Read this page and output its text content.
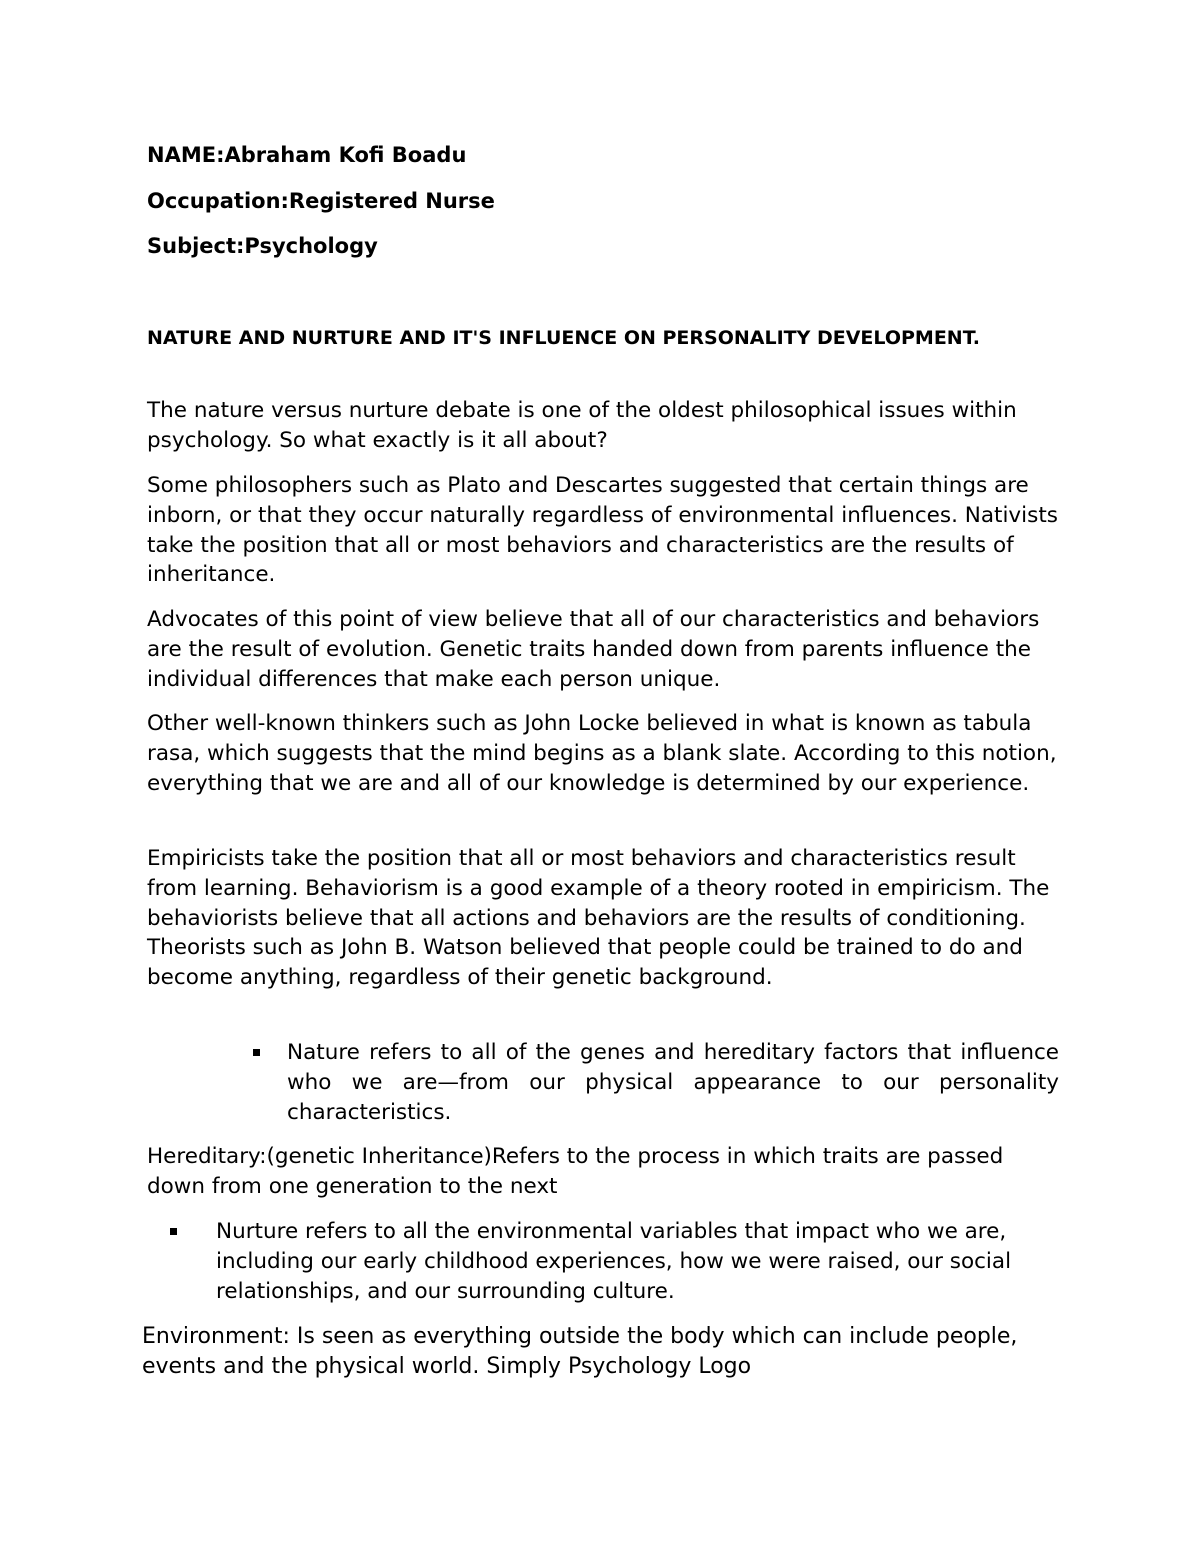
NAME:Abraham Kofi Boadu
Occupation:Registered Nurse
Subject:Psychology
NATURE AND NURTURE AND IT'S INFLUENCE ON PERSONALITY DEVELOPMENT.
The nature versus nurture debate is one of the oldest philosophical issues within psychology. So what exactly is it all about?
Some philosophers such as Plato and Descartes suggested that certain things are inborn, or that they occur naturally regardless of environmental influences. Nativists take the position that all or most behaviors and characteristics are the results of inheritance.
Advocates of this point of view believe that all of our characteristics and behaviors are the result of evolution. Genetic traits handed down from parents influence the individual differences that make each person unique.
Other well-known thinkers such as John Locke believed in what is known as tabula rasa, which suggests that the mind begins as a blank slate. According to this notion, everything that we are and all of our knowledge is determined by our experience.
Empiricists take the position that all or most behaviors and characteristics result from learning. Behaviorism is a good example of a theory rooted in empiricism. The behaviorists believe that all actions and behaviors are the results of conditioning. Theorists such as John B. Watson believed that people could be trained to do and become anything, regardless of their genetic background.
Nature refers to all of the genes and hereditary factors that influence who we are—from our physical appearance to our personality characteristics.
Hereditary:(genetic Inheritance)Refers to the process in which traits are passed down from one generation to the next
Nurture refers to all the environmental variables that impact who we are, including our early childhood experiences, how we were raised, our social relationships, and our surrounding culture.
Environment: Is seen as everything outside the body which can include people, events and the physical world. Simply Psychology Logo
